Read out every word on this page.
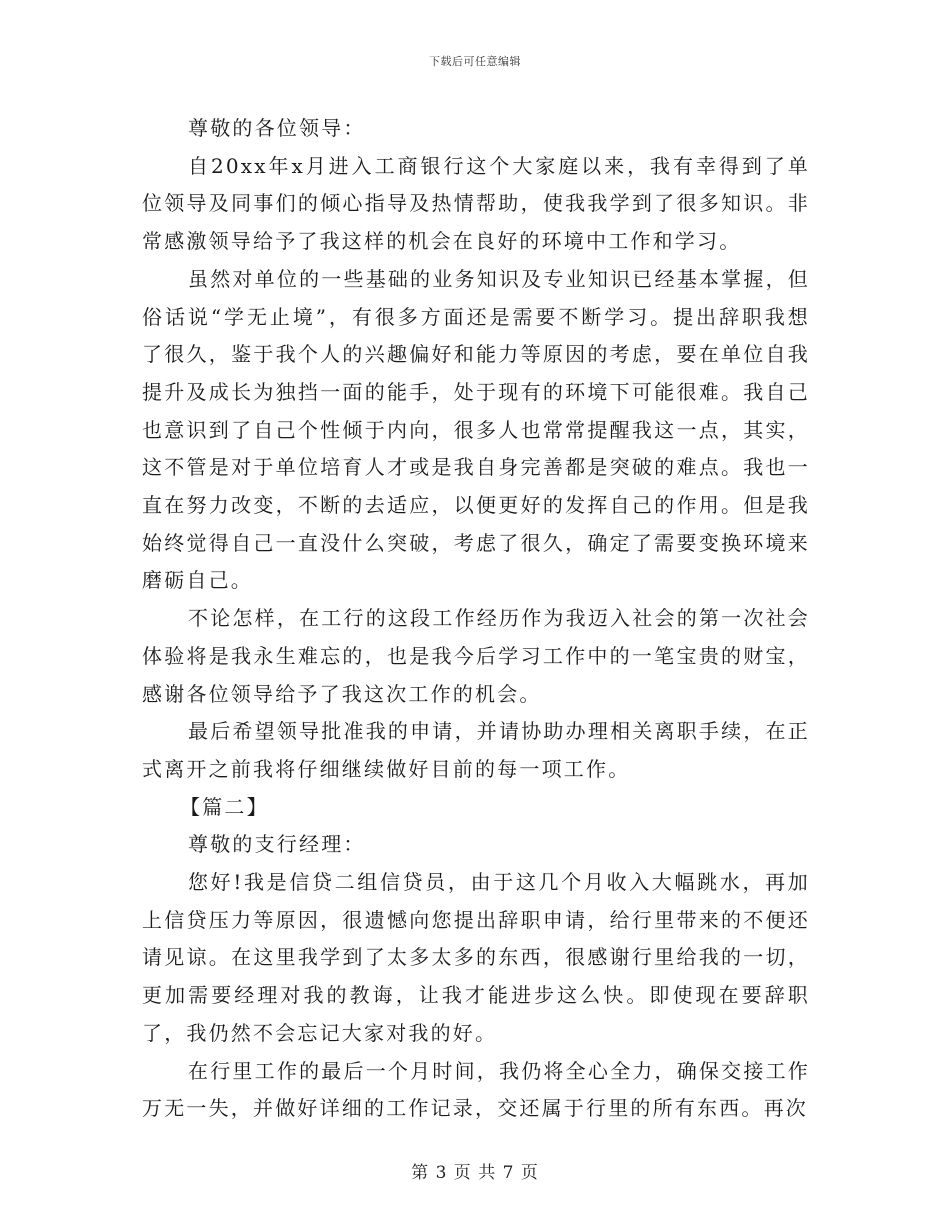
下载后可任意编辑

尊敬的各位领导：

自20xx年x月进入工商银行这个大家庭以来，我有幸得到了单位领导及同事们的倾心指导及热情帮助，使我我学到了很多知识。非常感激领导给予了我这样的机会在良好的环境中工作和学习。

虽然对单位的一些基础的业务知识及专业知识已经基本掌握，但俗话说“学无止境”，有很多方面还是需要不断学习。提出辞职我想了很久，鉴于我个人的兴趣偏好和能力等原因的考虑，要在单位自我提升及成长为独挡一面的能手，处于现有的环境下可能很难。我自己也意识到了自己个性倾于内向，很多人也常常提醒我这一点，其实，这不管是对于单位培育人才或是我自身完善都是突破的难点。我也一直在努力改变，不断的去适应，以便更好的发挥自己的作用。但是我始终觉得自己一直没什么突破，考虑了很久，确定了需要变换环境来磨砺自己。

不论怎样，在工行的这段工作经历作为我迈入社会的第一次社会体验将是我永生难忘的，也是我今后学习工作中的一笔宝贵的财宝，感谢各位领导给予了我这次工作的机会。

最后希望领导批准我的申请，并请协助办理相关离职手续，在正式离开之前我将仔细继续做好目前的每一项工作。

【篇二】

尊敬的支行经理：

您好!我是信贷二组信贷员，由于这几个月收入大幅跳水，再加上信贷压力等原因，很遗憾向您提出辞职申请，给行里带来的不便还请见谅。在这里我学到了太多太多的东西，很感谢行里给我的一切，更加需要经理对我的教诲，让我才能进步这么快。即使现在要辞职了，我仍然不会忘记大家对我的好。

在行里工作的最后一个月时间，我仍将全心全力，确保交接工作万无一失，并做好详细的工作记录，交还属于行里的所有东西。再次

第 3 页 共 7 页
